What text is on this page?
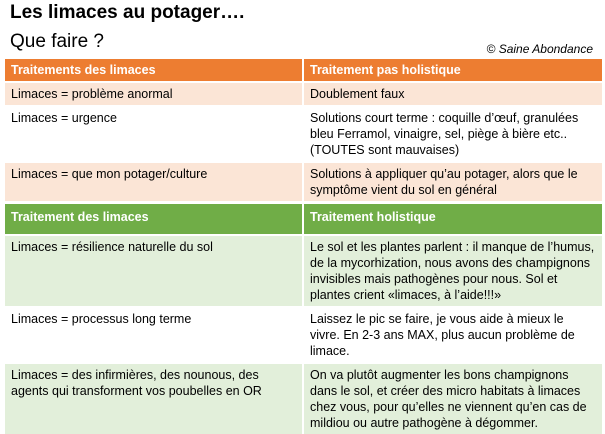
Les limaces au potager….
Que faire ?	© Saine Abondance
Traitements des limaces	Traitement pas holistique
Limaces = problème anormal	Doublement faux
Limaces = urgence	Solutions court terme : coquille d’œuf, granulées bleu Ferramol, vinaigre, sel, piège à bière etc.. (TOUTES sont mauvaises)
Limaces = que mon potager/culture	Solutions à appliquer qu’au potager, alors que le symptôme vient du sol en général
Traitement des limaces	Traitement holistique
Limaces = résilience naturelle du sol	Le sol et les plantes parlent : il manque de l’humus, de la mycorhization, nous avons des champignons invisibles mais pathogènes pour nous. Sol et plantes crient «limaces, à l’aide!!!»
Limaces = processus long terme	Laissez le pic se faire, je vous aide à mieux le vivre. En 2-3 ans MAX, plus aucun problème de limace.
Limaces = des infirmières, des nounous, des agents qui transforment vos poubelles en OR	On va plutôt augmenter les bons champignons dans le sol, et créer des micro habitats à limaces chez vous, pour qu’elles ne viennent qu’en cas de mildiou ou autre pathogène à dégommer.
